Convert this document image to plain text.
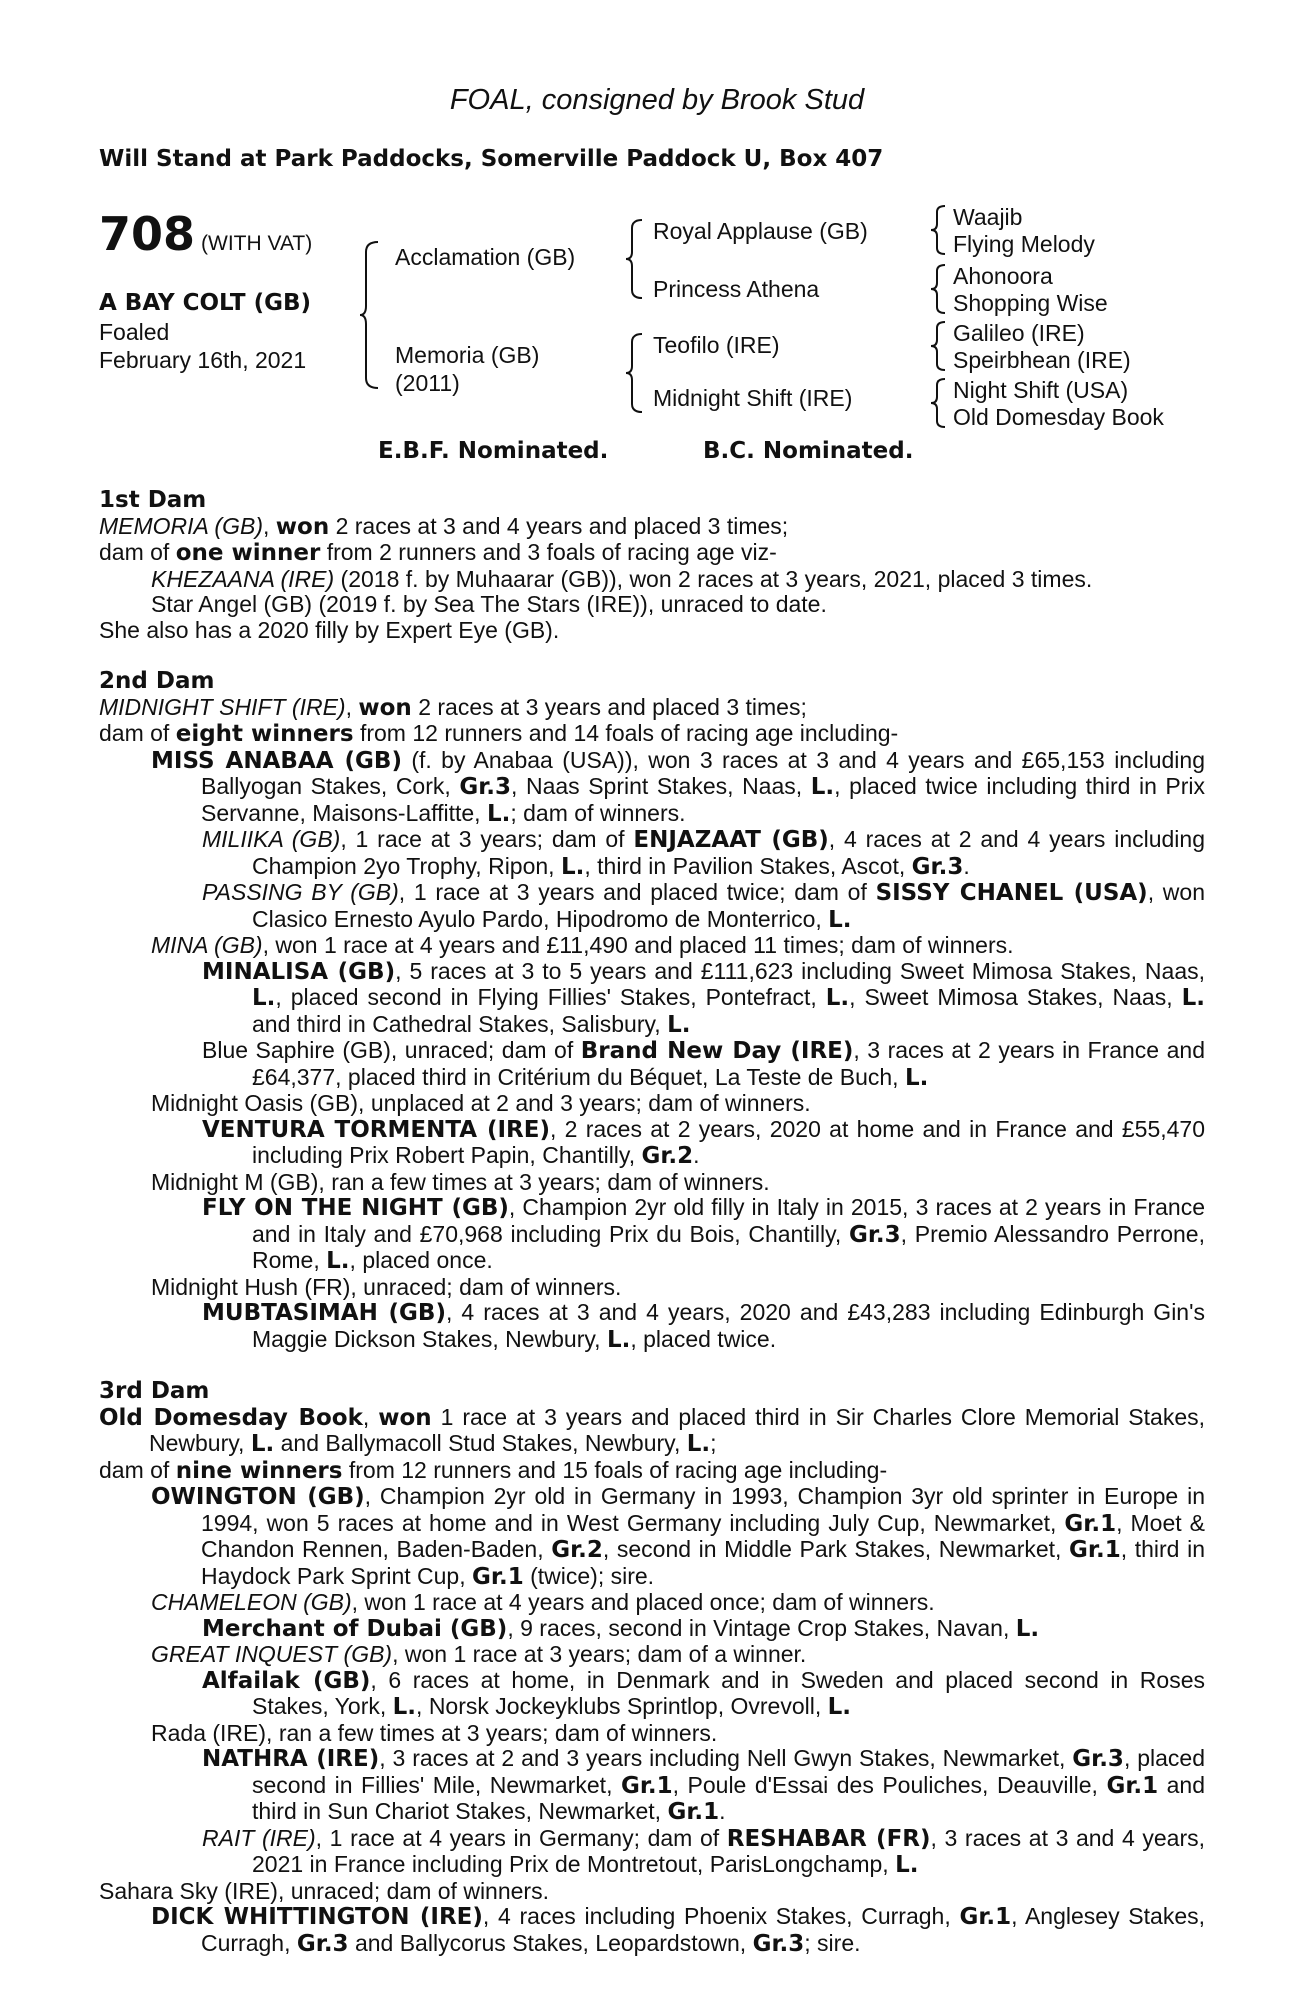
FOAL, consigned by Brook Stud
Will Stand at Park Paddocks, Somerville Paddock U, Box 407
708 (WITH VAT)
A BAY COLT (GB)
Foaled
February 16th, 2021
Acclamation (GB)
Memoria (GB)
(2011)
Royal Applause (GB)
Princess Athena
Teofilo (IRE)
Midnight Shift (IRE)
Waajib
Flying Melody
Ahonoora
Shopping Wise
Galileo (IRE)
Speirbhean (IRE)
Night Shift (USA)
Old Domesday Book
E.B.F. Nominated.	B.C. Nominated.
1st Dam
MEMORIA (GB), won 2 races at 3 and 4 years and placed 3 times;
dam of one winner from 2 runners and 3 foals of racing age viz-
KHEZAANA (IRE) (2018 f. by Muhaarar (GB)), won 2 races at 3 years, 2021, placed 3 times.
Star Angel (GB) (2019 f. by Sea The Stars (IRE)), unraced to date.
She also has a 2020 filly by Expert Eye (GB).
2nd Dam
MIDNIGHT SHIFT (IRE), won 2 races at 3 years and placed 3 times;
dam of eight winners from 12 runners and 14 foals of racing age including-
MISS ANABAA (GB) (f. by Anabaa (USA)), won 3 races at 3 and 4 years and £65,153 including Ballyogan Stakes, Cork, Gr.3, Naas Sprint Stakes, Naas, L., placed twice including third in Prix Servanne, Maisons-Laffitte, L.; dam of winners.
MILIIKA (GB), 1 race at 3 years; dam of ENJAZAAT (GB), 4 races at 2 and 4 years including Champion 2yo Trophy, Ripon, L., third in Pavilion Stakes, Ascot, Gr.3.
PASSING BY (GB), 1 race at 3 years and placed twice; dam of SISSY CHANEL (USA), won Clasico Ernesto Ayulo Pardo, Hipodromo de Monterrico, L.
MINA (GB), won 1 race at 4 years and £11,490 and placed 11 times; dam of winners.
MINALISA (GB), 5 races at 3 to 5 years and £111,623 including Sweet Mimosa Stakes, Naas, L., placed second in Flying Fillies' Stakes, Pontefract, L., Sweet Mimosa Stakes, Naas, L. and third in Cathedral Stakes, Salisbury, L.
Blue Saphire (GB), unraced; dam of Brand New Day (IRE), 3 races at 2 years in France and £64,377, placed third in Critérium du Béquet, La Teste de Buch, L.
Midnight Oasis (GB), unplaced at 2 and 3 years; dam of winners.
VENTURA TORMENTA (IRE), 2 races at 2 years, 2020 at home and in France and £55,470 including Prix Robert Papin, Chantilly, Gr.2.
Midnight M (GB), ran a few times at 3 years; dam of winners.
FLY ON THE NIGHT (GB), Champion 2yr old filly in Italy in 2015, 3 races at 2 years in France and in Italy and £70,968 including Prix du Bois, Chantilly, Gr.3, Premio Alessandro Perrone, Rome, L., placed once.
Midnight Hush (FR), unraced; dam of winners.
MUBTASIMAH (GB), 4 races at 3 and 4 years, 2020 and £43,283 including Edinburgh Gin's Maggie Dickson Stakes, Newbury, L., placed twice.
3rd Dam
Old Domesday Book, won 1 race at 3 years and placed third in Sir Charles Clore Memorial Stakes, Newbury, L. and Ballymacoll Stud Stakes, Newbury, L.;
dam of nine winners from 12 runners and 15 foals of racing age including-
OWINGTON (GB), Champion 2yr old in Germany in 1993, Champion 3yr old sprinter in Europe in 1994, won 5 races at home and in West Germany including July Cup, Newmarket, Gr.1, Moet & Chandon Rennen, Baden-Baden, Gr.2, second in Middle Park Stakes, Newmarket, Gr.1, third in Haydock Park Sprint Cup, Gr.1 (twice); sire.
CHAMELEON (GB), won 1 race at 4 years and placed once; dam of winners.
Merchant of Dubai (GB), 9 races, second in Vintage Crop Stakes, Navan, L.
GREAT INQUEST (GB), won 1 race at 3 years; dam of a winner.
Alfailak (GB), 6 races at home, in Denmark and in Sweden and placed second in Roses Stakes, York, L., Norsk Jockeyklubs Sprintlop, Ovrevoll, L.
Rada (IRE), ran a few times at 3 years; dam of winners.
NATHRA (IRE), 3 races at 2 and 3 years including Nell Gwyn Stakes, Newmarket, Gr.3, placed second in Fillies' Mile, Newmarket, Gr.1, Poule d'Essai des Pouliches, Deauville, Gr.1 and third in Sun Chariot Stakes, Newmarket, Gr.1.
RAIT (IRE), 1 race at 4 years in Germany; dam of RESHABAR (FR), 3 races at 3 and 4 years, 2021 in France including Prix de Montretout, ParisLongchamp, L.
Sahara Sky (IRE), unraced; dam of winners.
DICK WHITTINGTON (IRE), 4 races including Phoenix Stakes, Curragh, Gr.1, Anglesey Stakes, Curragh, Gr.3 and Ballycorus Stakes, Leopardstown, Gr.3; sire.
